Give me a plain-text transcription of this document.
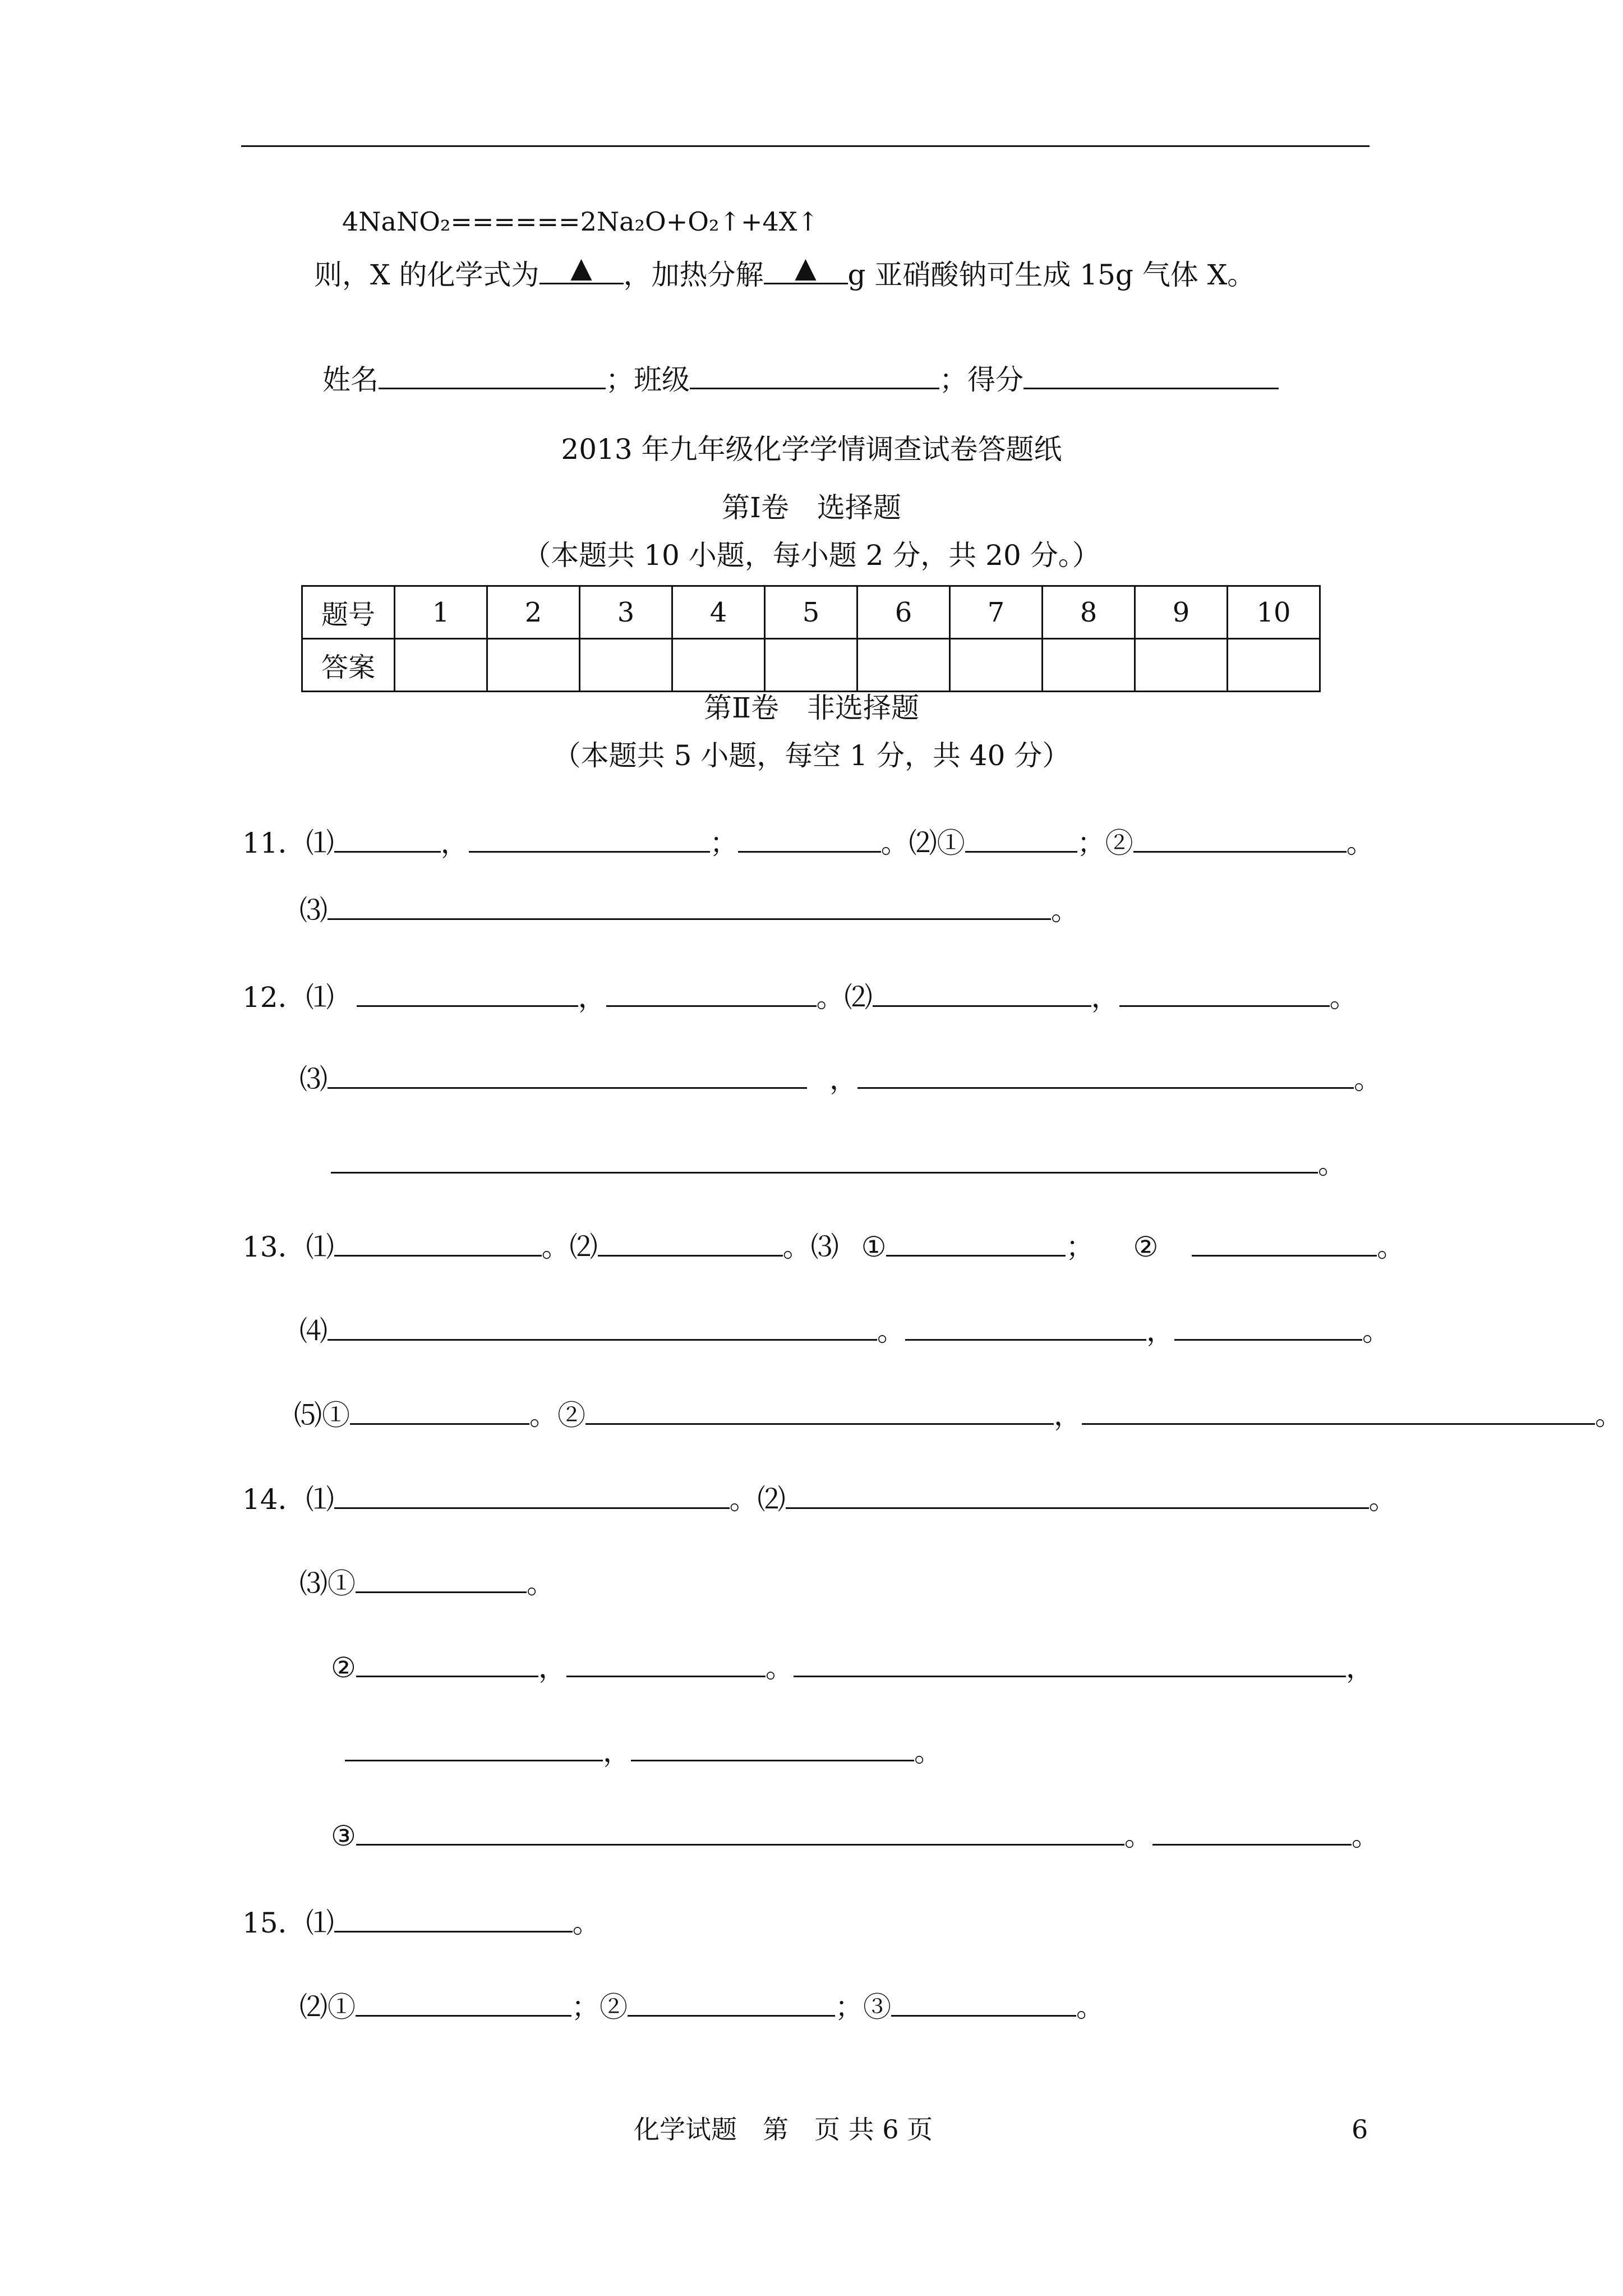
4NaNO₂======2Na₂O+O₂↑+4X↑
则，X 的化学式为	▲	，加热分解	▲	g 亚硝酸钠可生成 15g 气体 X。
姓名	；班级	；得分
2013 年九年级化学学情调查试卷答题纸
第Ⅰ卷　选择题
（本题共 10 小题，每小题 2 分，共 20 分。）
题号	1	2	3	4	5	6	7	8	9	10
答案										
第Ⅱ卷　非选择题
（本题共 5 小题，每空 1 分，共 40 分）
11．⑴	，	；	。⑵①	；②	。
⑶	。
12．⑴	，	。⑵	，	。
⑶	，	。
。
13．⑴	。⑵	。⑶ ①	； ②	。
⑷	。	，	。
⑸①	。②	，	。
14．⑴	。⑵	。
⑶①	。
②	，	。	，
，	。
③	。	。
15．⑴	。
⑵①	；②	；③	。
化学试题　第　页 共 6 页	6
